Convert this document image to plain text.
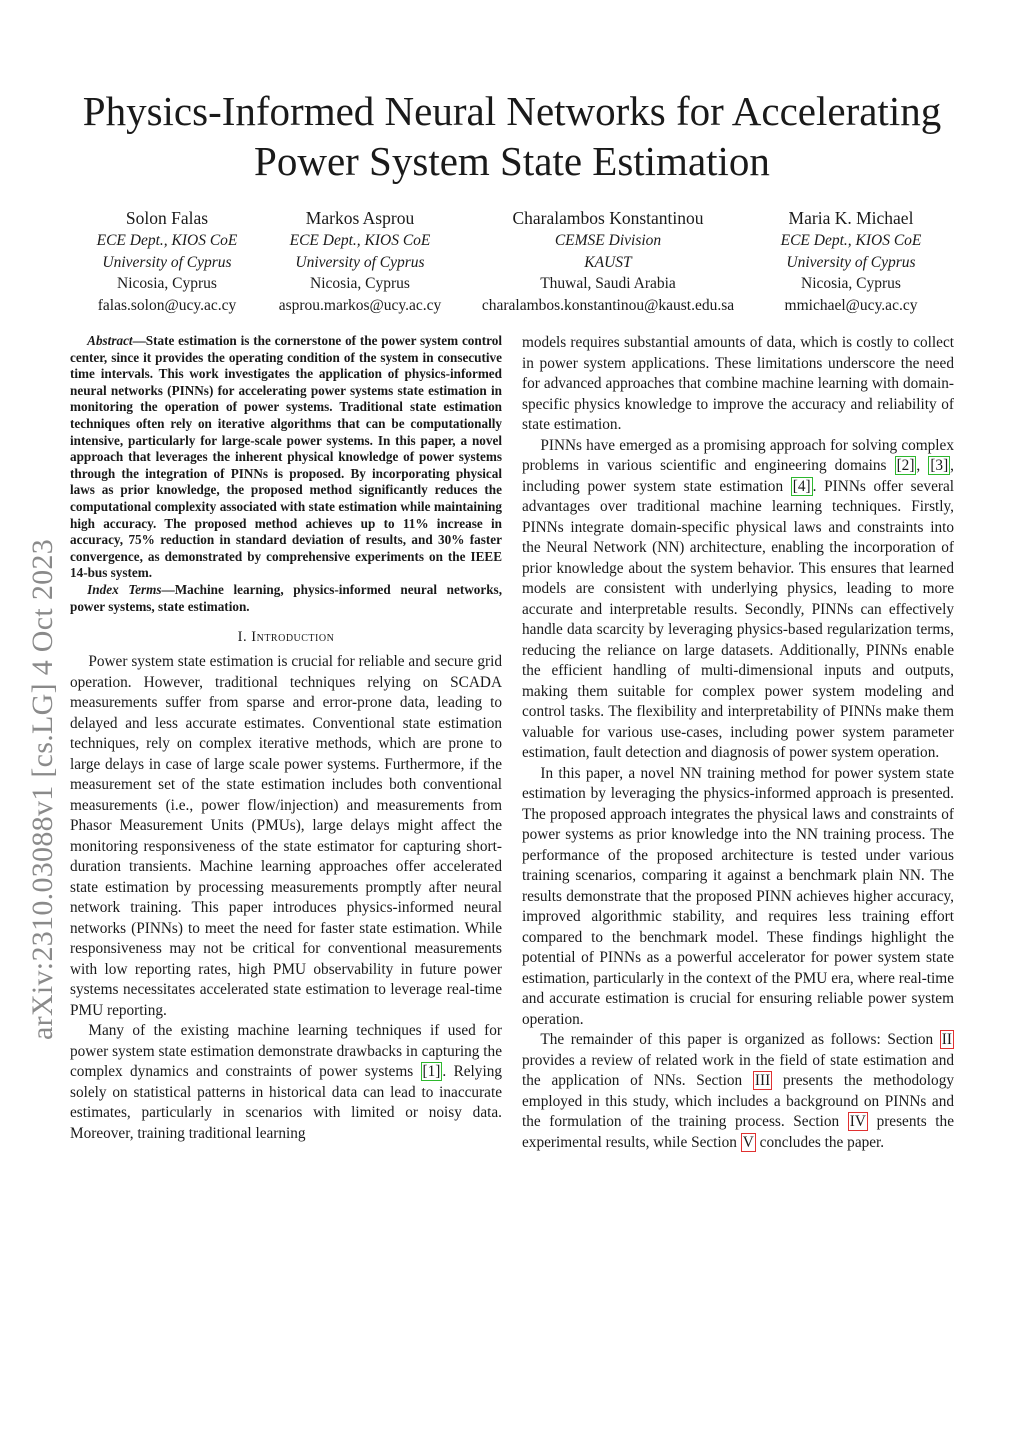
arXiv:2310.03088v1 [cs.LG] 4 Oct 2023
Physics-Informed Neural Networks for Accelerating
Power System State Estimation
Solon Falas
ECE Dept., KIOS CoE
University of Cyprus
Nicosia, Cyprus
falas.solon@ucy.ac.cy
Markos Asprou
ECE Dept., KIOS CoE
University of Cyprus
Nicosia, Cyprus
asprou.markos@ucy.ac.cy
Charalambos Konstantinou
CEMSE Division
KAUST
Thuwal, Saudi Arabia
charalambos.konstantinou@kaust.edu.sa
Maria K. Michael
ECE Dept., KIOS CoE
University of Cyprus
Nicosia, Cyprus
mmichael@ucy.ac.cy

Abstract—State estimation is the cornerstone of the power system control center, since it provides the operating condition of the system in consecutive time intervals. This work investigates the application of physics-informed neural networks (PINNs) for accelerating power systems state estimation in monitoring the operation of power systems. Traditional state estimation techniques often rely on iterative algorithms that can be computationally intensive, particularly for large-scale power systems. In this paper, a novel approach that leverages the inherent physical knowledge of power systems through the integration of PINNs is proposed. By incorporating physical laws as prior knowledge, the proposed method significantly reduces the computational complexity associated with state estimation while maintaining high accuracy. The proposed method achieves up to 11% increase in accuracy, 75% reduction in standard deviation of results, and 30% faster convergence, as demonstrated by comprehensive experiments on the IEEE 14-bus system.

Index Terms—Machine learning, physics-informed neural networks, power systems, state estimation.

I. Introduction

Power system state estimation is crucial for reliable and secure grid operation. However, traditional techniques relying on SCADA measurements suffer from sparse and error-prone data, leading to delayed and less accurate estimates. Conventional state estimation techniques, rely on complex iterative methods, which are prone to large delays in case of large scale power systems. Furthermore, if the measurement set of the state estimation includes both conventional measurements (i.e., power flow/injection) and measurements from Phasor Measurement Units (PMUs), large delays might affect the monitoring responsiveness of the state estimator for capturing short-duration transients. Machine learning approaches offer accelerated state estimation by processing measurements promptly after neural network training. This paper introduces physics-informed neural networks (PINNs) to meet the need for faster state estimation. While responsiveness may not be critical for conventional measurements with low reporting rates, high PMU observability in future power systems necessitates accelerated state estimation to leverage real-time PMU reporting.

Many of the existing machine learning techniques if used for power system state estimation demonstrate drawbacks in capturing the complex dynamics and constraints of power systems [1] . Relying solely on statistical patterns in historical data can lead to inaccurate estimates, particularly in scenarios with limited or noisy data. Moreover, training traditional learning

models requires substantial amounts of data, which is costly to collect in power system applications. These limitations underscore the need for advanced approaches that combine machine learning with domain-specific physics knowledge to improve the accuracy and reliability of state estimation.

PINNs have emerged as a promising approach for solving complex problems in various scientific and engineering domains [2] , [3] , including power system state estimation [4] . PINNs offer several advantages over traditional machine learning techniques. Firstly, PINNs integrate domain-specific physical laws and constraints into the Neural Network (NN) architecture, enabling the incorporation of prior knowledge about the system behavior. This ensures that learned models are consistent with underlying physics, leading to more accurate and interpretable results. Secondly, PINNs can effectively handle data scarcity by leveraging physics-based regularization terms, reducing the reliance on large datasets. Additionally, PINNs enable the efficient handling of multi-dimensional inputs and outputs, making them suitable for complex power system modeling and control tasks. The flexibility and interpretability of PINNs make them valuable for various use-cases, including power system parameter estimation, fault detection and diagnosis of power system operation.

In this paper, a novel NN training method for power system state estimation by leveraging the physics-informed approach is presented. The proposed approach integrates the physical laws and constraints of power systems as prior knowledge into the NN training process. The performance of the proposed architecture is tested under various training scenarios, comparing it against a benchmark plain NN. The results demonstrate that the proposed PINN achieves higher accuracy, improved algorithmic stability, and requires less training effort compared to the benchmark model. These findings highlight the potential of PINNs as a powerful accelerator for power system state estimation, particularly in the context of the PMU era, where real-time and accurate estimation is crucial for ensuring reliable power system operation.

The remainder of this paper is organized as follows: Section II provides a review of related work in the field of state estimation and the application of NNs. Section III presents the methodology employed in this study, which includes a background on PINNs and the formulation of the training process. Section IV presents the experimental results, while Section V concludes the paper.
